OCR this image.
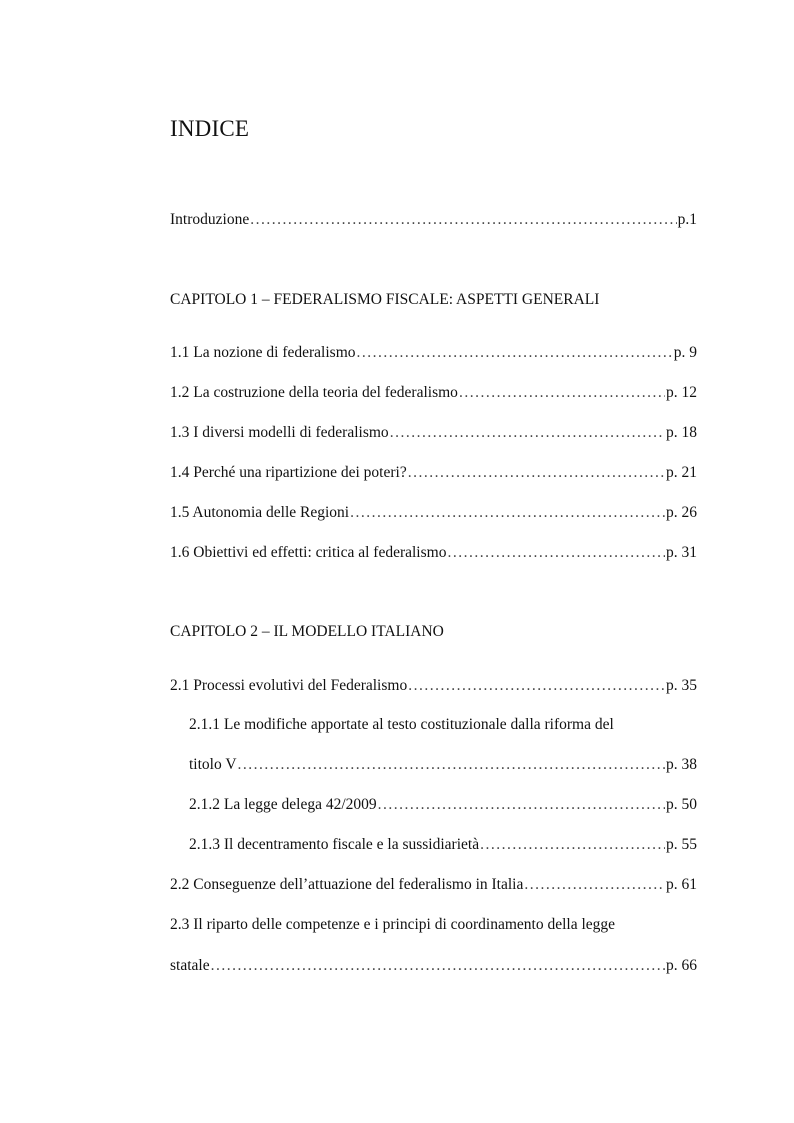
INDICE
Introduzione .....	p.1
CAPITOLO 1 – FEDERALISMO FISCALE: ASPETTI GENERALI
1.1 La nozione di federalismo .....	p. 9
1.2 La costruzione della teoria del federalismo .....	p. 12
1.3 I diversi modelli di federalismo .....	p. 18
1.4 Perché una ripartizione dei poteri? .....	p. 21
1.5 Autonomia delle Regioni .....	p. 26
1.6 Obiettivi ed effetti: critica al federalismo .....	p. 31
CAPITOLO 2 – IL MODELLO ITALIANO
2.1 Processi evolutivi del Federalismo .....	p. 35
2.1.1 Le modifiche apportate al testo costituzionale dalla riforma del
titolo V .....	p. 38
2.1.2 La legge delega 42/2009 .....	p. 50
2.1.3 Il decentramento fiscale e la sussidiarietà .....	p. 55
2.2 Conseguenze dell’attuazione del federalismo in Italia .....	p. 61
2.3 Il riparto delle competenze e i principi di coordinamento della legge
statale .....	p. 66
